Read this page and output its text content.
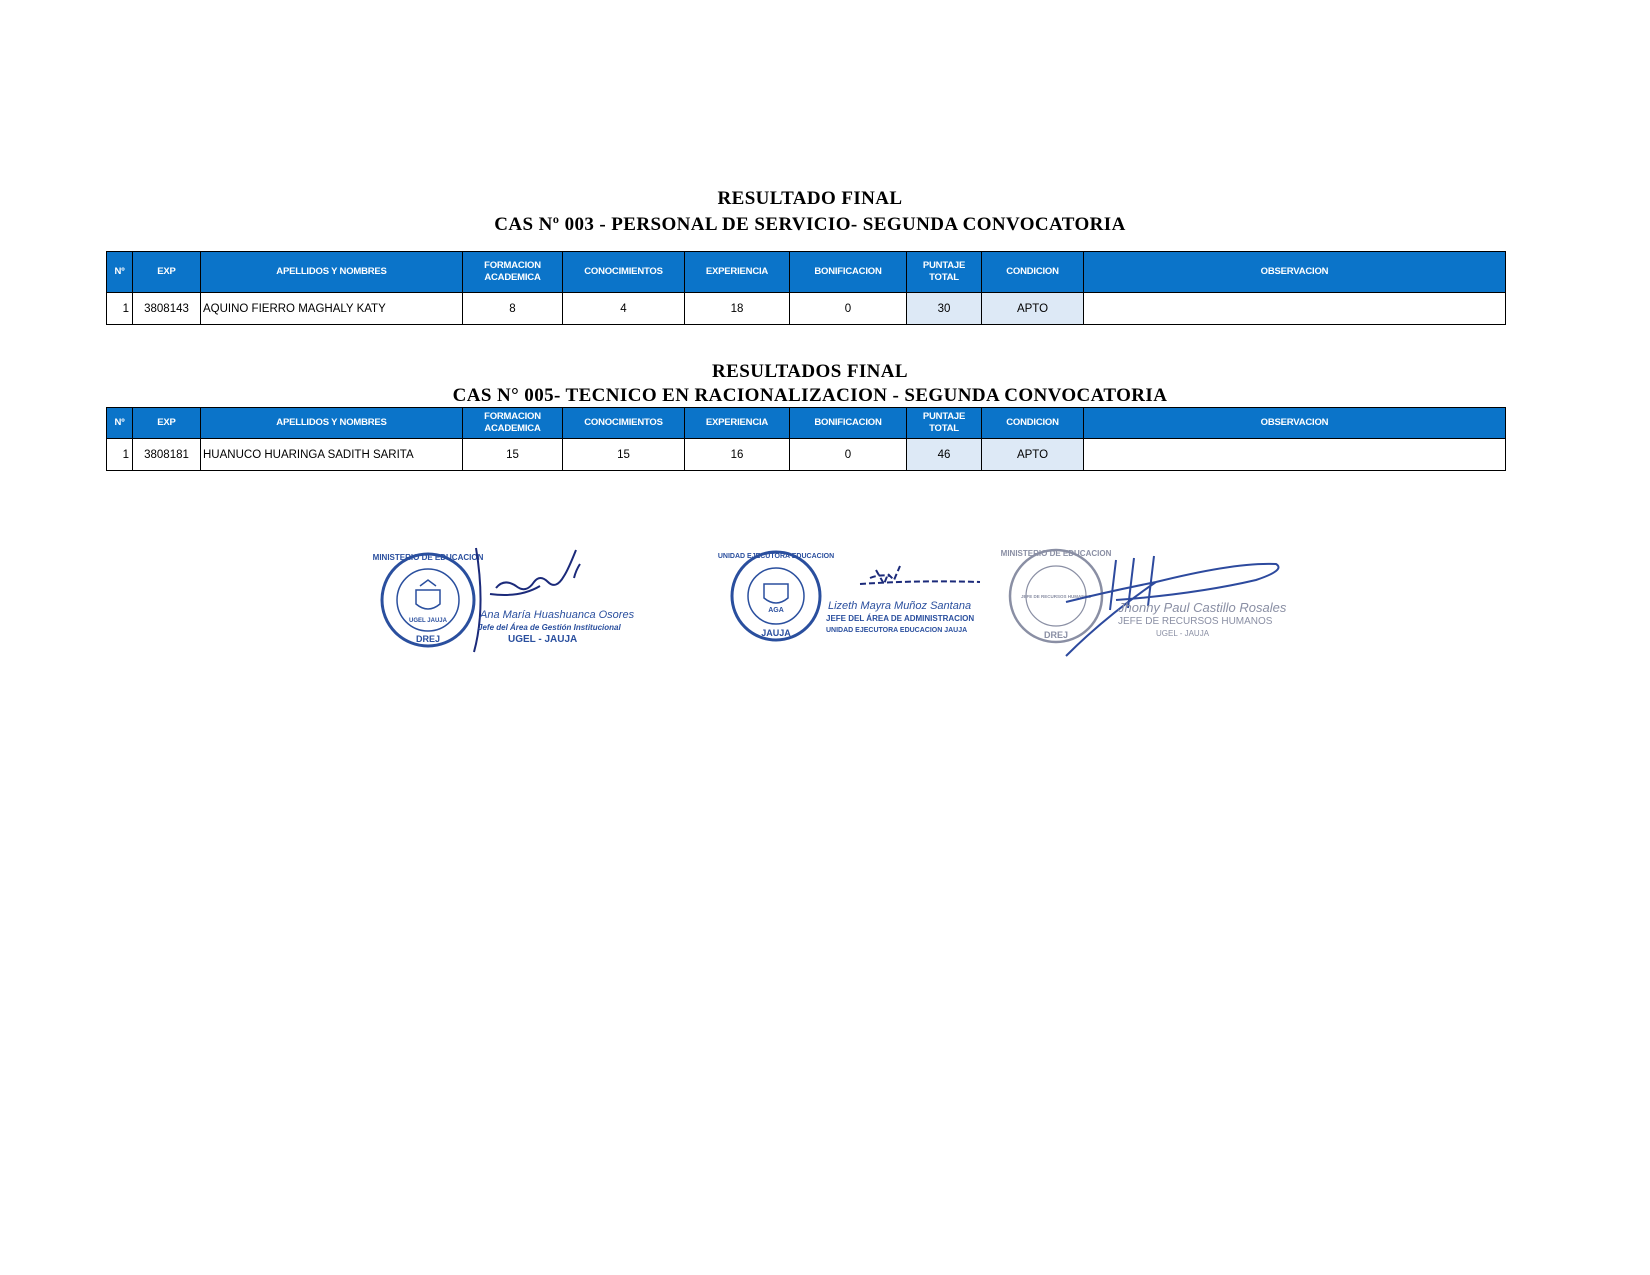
RESULTADO FINAL
CAS Nº 003 - PERSONAL DE SERVICIO- SEGUNDA CONVOCATORIA
Nº	EXP	APELLIDOS Y NOMBRES	FORMACION ACADEMICA	CONOCIMIENTOS	EXPERIENCIA	BONIFICACION	PUNTAJE TOTAL	CONDICION	OBSERVACION
1	3808143	AQUINO FIERRO MAGHALY KATY	8	4	18	0	30	APTO	
RESULTADOS FINAL
CAS N° 005- TECNICO EN RACIONALIZACION - SEGUNDA CONVOCATORIA
Nº	EXP	APELLIDOS Y NOMBRES	FORMACION ACADEMICA	CONOCIMIENTOS	EXPERIENCIA	BONIFICACION	PUNTAJE TOTAL	CONDICION	OBSERVACION
1	3808181	HUANUCO HUARINGA SADITH SARITA	15	15	16	0	46	APTO	
MINISTERIO DE EDUCACION
DREJ
UGEL JAUJA	Ana María Huashuanca Osores
Jefe del Área de Gestión Institucional
UGEL - JAUJA
UNIDAD EJECUTORA EDUCACION
JAUJA
AGA	Lizeth Mayra Muñoz Santana
JEFE DEL ÁREA DE ADMINISTRACION
UNIDAD EJECUTORA EDUCACION JAUJA
MINISTERIO DE EDUCACION
DREJ
JEFE DE RECURSOS HUMANOS
Jhonny Paul Castillo Rosales
JEFE DE RECURSOS HUMANOS
UGEL - JAUJA
